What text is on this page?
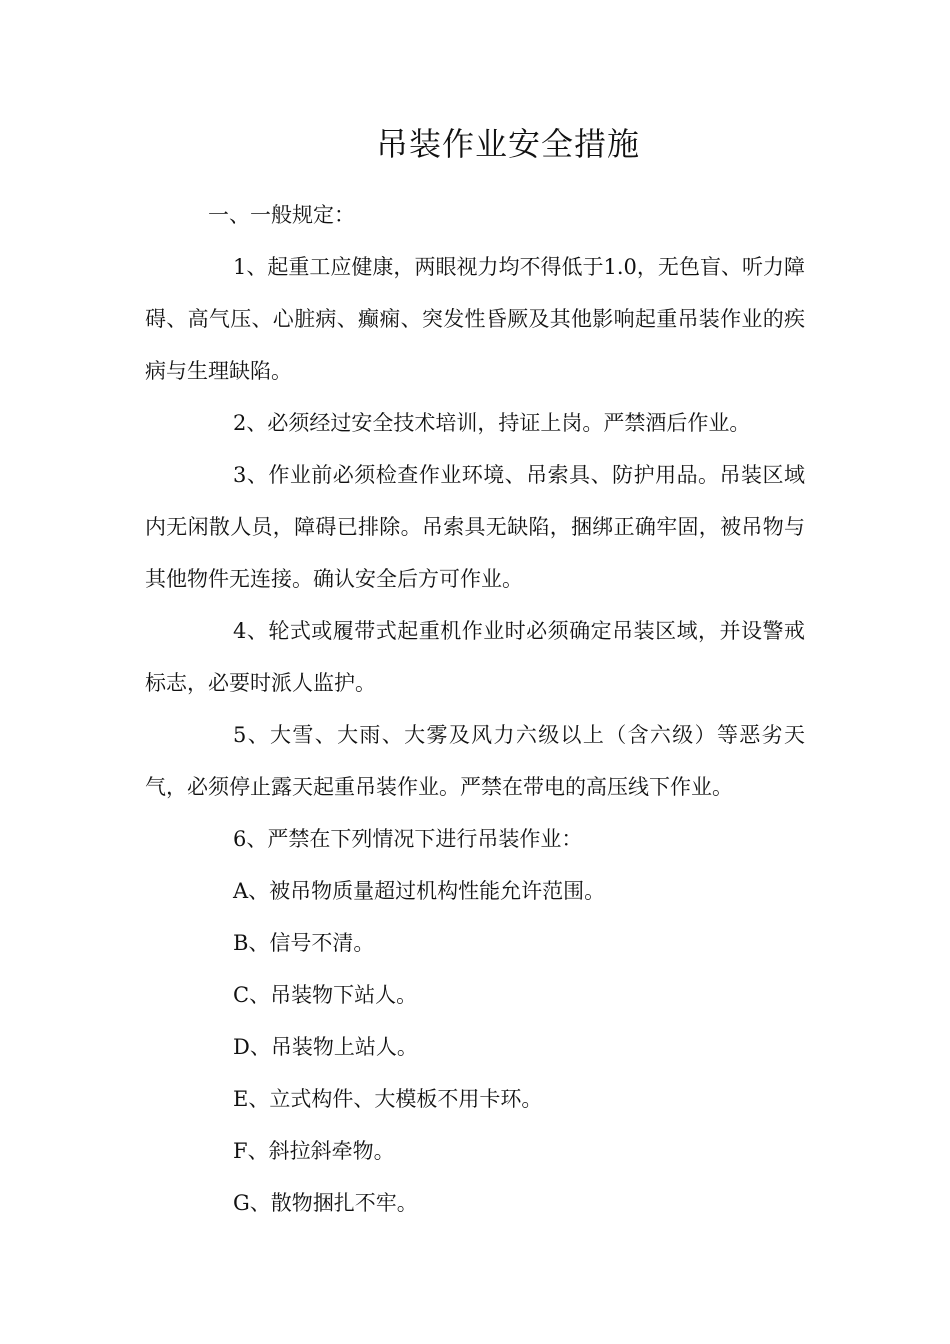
吊装作业安全措施

一、一般规定：

1、起重工应健康，两眼视力均不得低于1.0，无色盲、听力障碍、高气压、心脏病、癫痫、突发性昏厥及其他影响起重吊装作业的疾病与生理缺陷。

2、必须经过安全技术培训，持证上岗。严禁酒后作业。

3、作业前必须检查作业环境、吊索具、防护用品。吊装区域内无闲散人员，障碍已排除。吊索具无缺陷，捆绑正确牢固，被吊物与其他物件无连接。确认安全后方可作业。

4、轮式或履带式起重机作业时必须确定吊装区域，并设警戒标志，必要时派人监护。

5、大雪、大雨、大雾及风力六级以上（含六级）等恶劣天气，必须停止露天起重吊装作业。严禁在带电的高压线下作业。

6、严禁在下列情况下进行吊装作业：

A、被吊物质量超过机构性能允许范围。

B、信号不清。

C、吊装物下站人。

D、吊装物上站人。

E、立式构件、大模板不用卡环。

F、斜拉斜牵物。

G、散物捆扎不牢。
